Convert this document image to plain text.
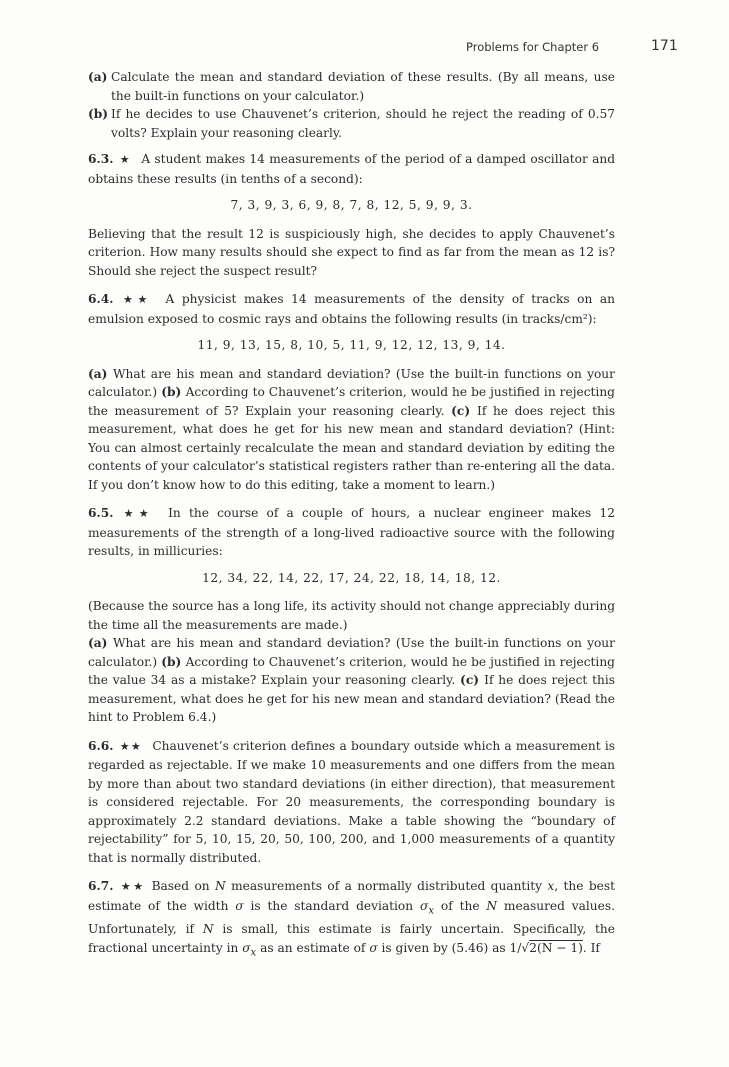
Problems for Chapter 6	171
(a) Calculate the mean and standard deviation of these results. (By all means, use the built-in functions on your calculator.)
(b) If he decides to use Chauvenet’s criterion, should he reject the reading of 0.57 volts? Explain your reasoning clearly.

6.3. ★ A student makes 14 measurements of the period of a damped oscillator and obtains these results (in tenths of a second):

7, 3, 9, 3, 6, 9, 8, 7, 8, 12, 5, 9, 9, 3.

Believing that the result 12 is suspiciously high, she decides to apply Chauvenet’s criterion. How many results should she expect to find as far from the mean as 12 is? Should she reject the suspect result?

6.4. ★★ A physicist makes 14 measurements of the density of tracks on an emulsion exposed to cosmic rays and obtains the following results (in tracks/cm²):

11, 9, 13, 15, 8, 10, 5, 11, 9, 12, 12, 13, 9, 14.

(a) What are his mean and standard deviation? (Use the built-in functions on your calculator.) (b) According to Chauvenet’s criterion, would he be justified in rejecting the measurement of 5? Explain your reasoning clearly. (c) If he does reject this measurement, what does he get for his new mean and standard deviation? (Hint: You can almost certainly recalculate the mean and standard deviation by editing the contents of your calculator’s statistical registers rather than re-entering all the data. If you don’t know how to do this editing, take a moment to learn.)

6.5. ★★ In the course of a couple of hours, a nuclear engineer makes 12 measurements of the strength of a long-lived radioactive source with the following results, in millicuries:

12, 34, 22, 14, 22, 17, 24, 22, 18, 14, 18, 12.

(Because the source has a long life, its activity should not change appreciably during the time all the measurements are made.)

(a) What are his mean and standard deviation? (Use the built-in functions on your calculator.) (b) According to Chauvenet’s criterion, would he be justified in rejecting the value 34 as a mistake? Explain your reasoning clearly. (c) If he does reject this measurement, what does he get for his new mean and standard deviation? (Read the hint to Problem 6.4.)

6.6. ★★ Chauvenet’s criterion defines a boundary outside which a measurement is regarded as rejectable. If we make 10 measurements and one differs from the mean by more than about two standard deviations (in either direction), that measurement is considered rejectable. For 20 measurements, the corresponding boundary is approximately 2.2 standard deviations. Make a table showing the “boundary of rejectability” for 5, 10, 15, 20, 50, 100, 200, and 1,000 measurements of a quantity that is normally distributed.

6.7. ★★ Based on N measurements of a normally distributed quantity x, the best estimate of the width σ is the standard deviation $\sigma_x$ of the N measured values. Unfortunately, if N is small, this estimate is fairly uncertain. Specifically, the fractional uncertainty in $\sigma_x$ as an estimate of σ is given by (5.46) as 1/√2(N − 1). If
